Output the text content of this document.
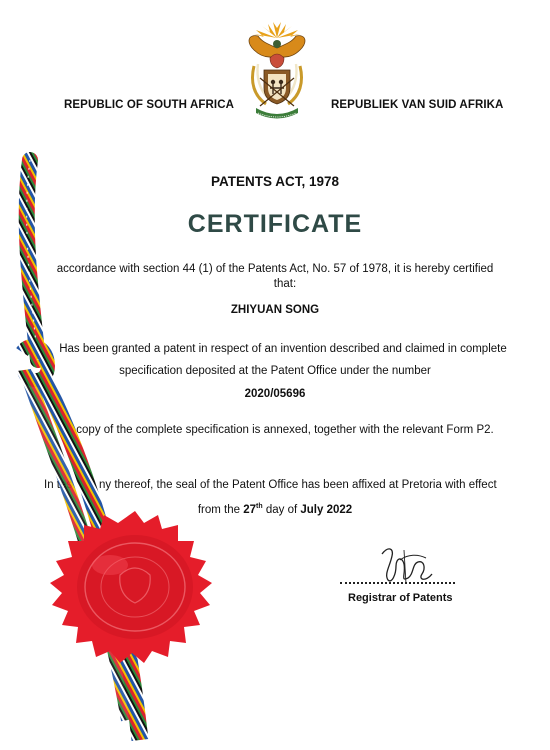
REPUBLIC OF SOUTH AFRICA	REPUBLIEK VAN SUID AFRIKA
PATENTS ACT, 1978
CERTIFICATE
accordance with section 44 (1) of the Patents Act, No. 57 of 1978, it is hereby certified
that:
ZHIYUAN SONG
Has been granted a patent in respect of an invention described and claimed in complete
specification deposited at the Patent Office under the number
2020/05696
copy of the complete specification is annexed, together with the relevant Form P2.
In tes ny thereof, the seal of the Patent Office has been affixed at Pretoria with effect
from the 27th day of July 2022
Registrar of Patents
